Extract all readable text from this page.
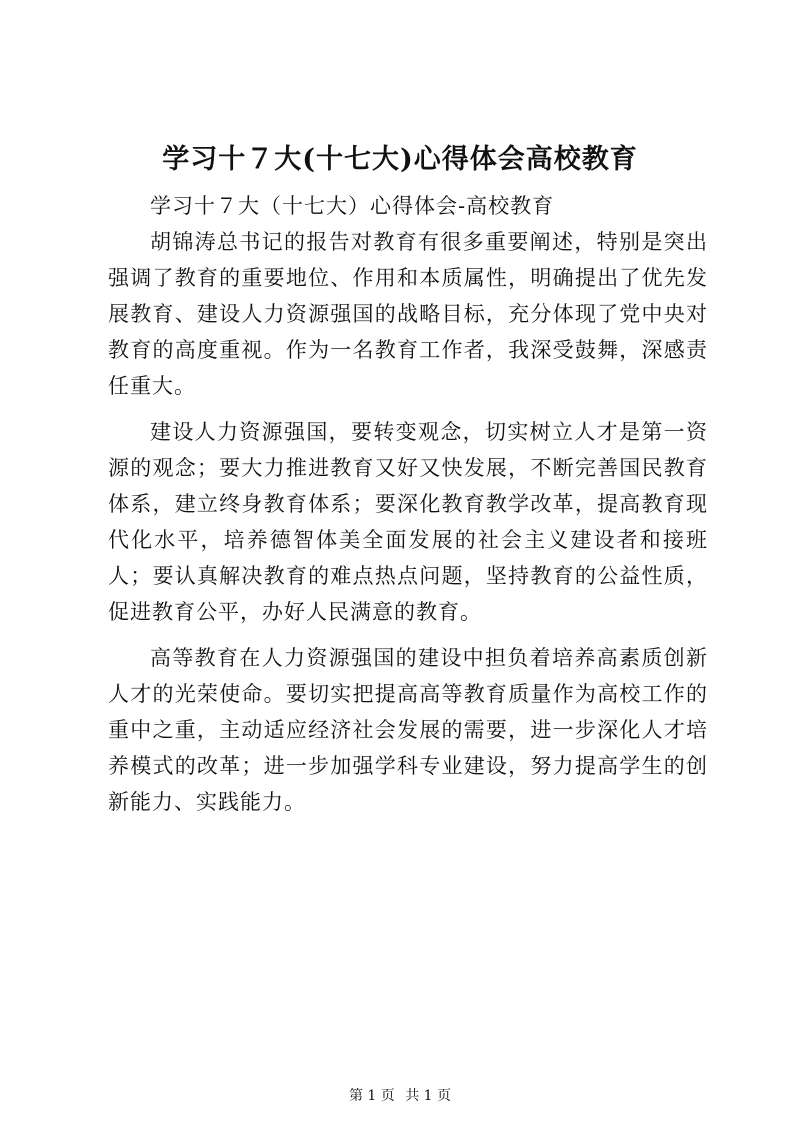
学习十７大(十七大)心得体会高校教育

学习十７大（十七大）心得体会-高校教育

胡锦涛总书记的报告对教育有很多重要阐述，特别是突出强调了教育的重要地位、作用和本质属性，明确提出了优先发展教育、建设人力资源强国的战略目标，充分体现了党中央对教育的高度重视。作为一名教育工作者，我深受鼓舞，深感责任重大。

建设人力资源强国，要转变观念，切实树立人才是第一资源的观念；要大力推进教育又好又快发展，不断完善国民教育体系，建立终身教育体系；要深化教育教学改革，提高教育现代化水平，培养德智体美全面发展的社会主义建设者和接班人；要认真解决教育的难点热点问题，坚持教育的公益性质，促进教育公平，办好人民满意的教育。

高等教育在人力资源强国的建设中担负着培养高素质创新人才的光荣使命。要切实把提高高等教育质量作为高校工作的重中之重，主动适应经济社会发展的需要，进一步深化人才培养模式的改革；进一步加强学科专业建设，努力提高学生的创新能力、实践能力。

第 1 页 共 1 页
